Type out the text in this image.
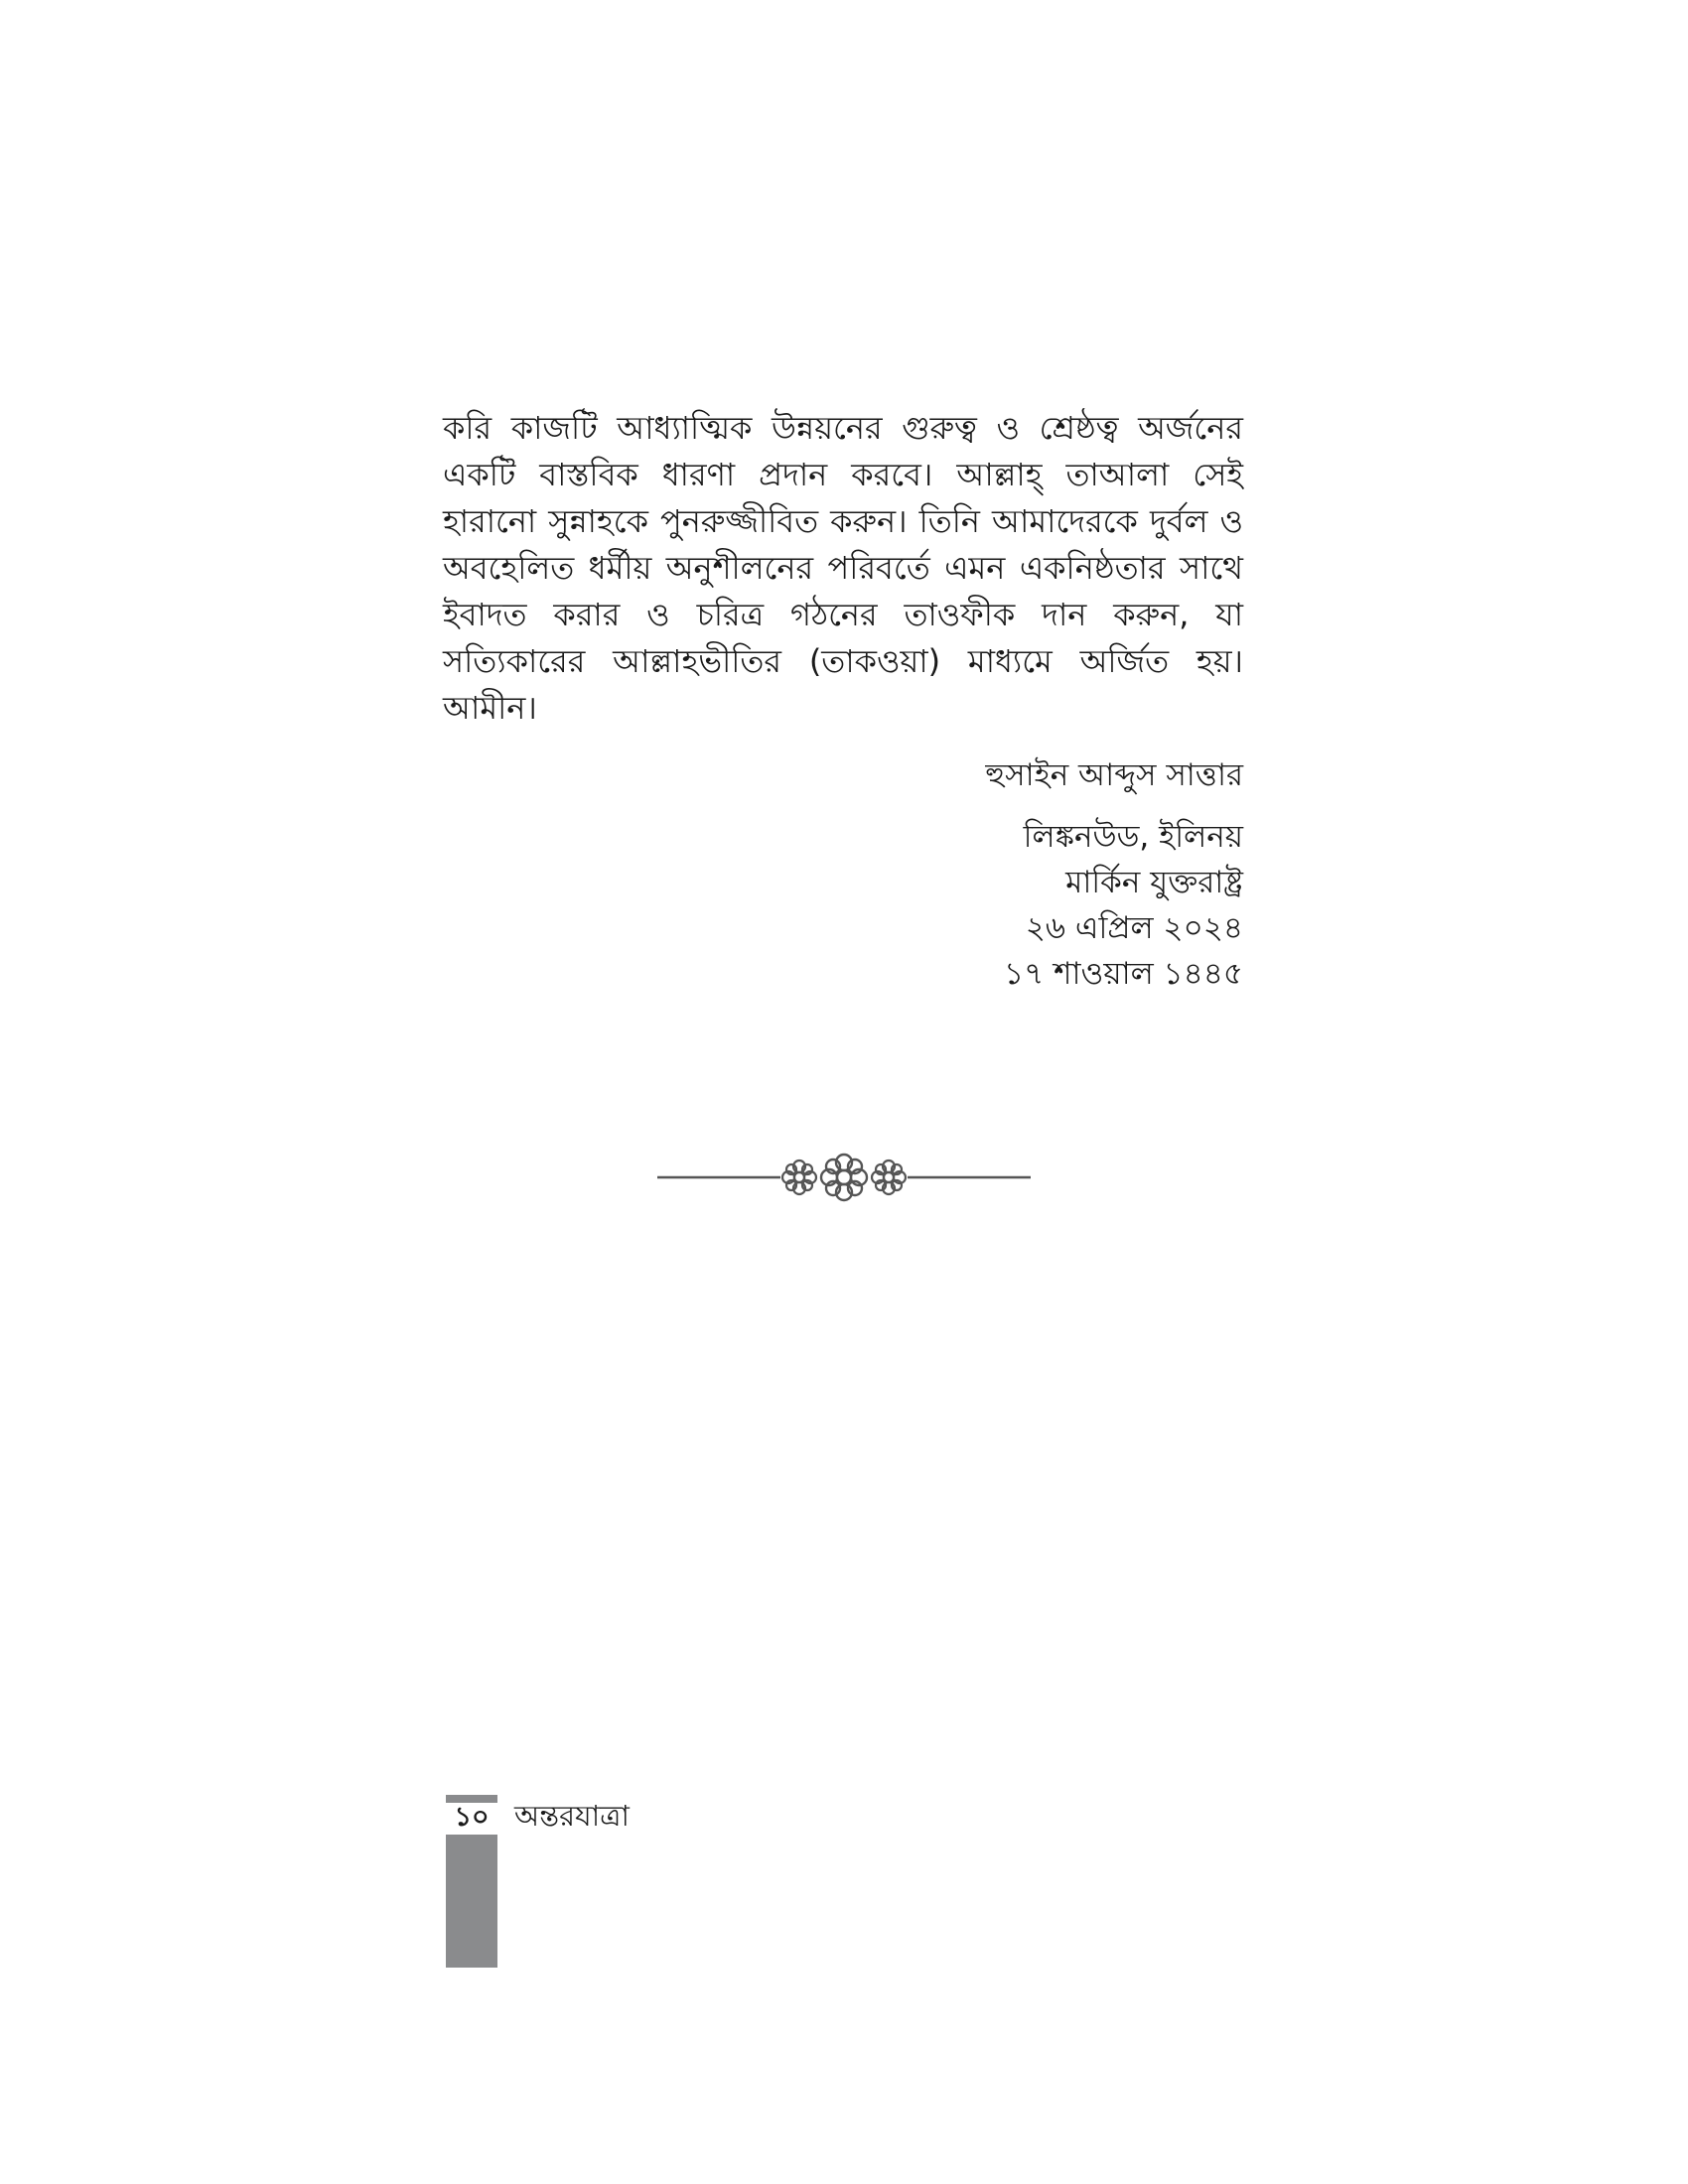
করি কাজটি আধ্যাত্মিক উন্নয়নের গুরুত্ব ও শ্রেষ্ঠত্ব অর্জনের একটি বাস্তবিক ধারণা প্রদান করবে। আল্লাহ্ তাআলা সেই হারানো সুন্নাহকে পুনরুজ্জীবিত করুন। তিনি আমাদেরকে দুর্বল ও অবহেলিত ধর্মীয় অনুশীলনের পরিবর্তে এমন একনিষ্ঠতার সাথে ইবাদত করার ও চরিত্র গঠনের তাওফীক দান করুন, যা সত্যিকারের আল্লাহভীতির (তাকওয়া) মাধ্যমে অর্জিত হয়। আমীন।

হুসাইন আব্দুস সাত্তার
লিঙ্কনউড, ইলিনয়
মার্কিন যুক্তরাষ্ট্র
২৬ এপ্রিল ২০২৪
১৭ শাওয়াল ১৪৪৫
১০ অন্তরযাত্রা
